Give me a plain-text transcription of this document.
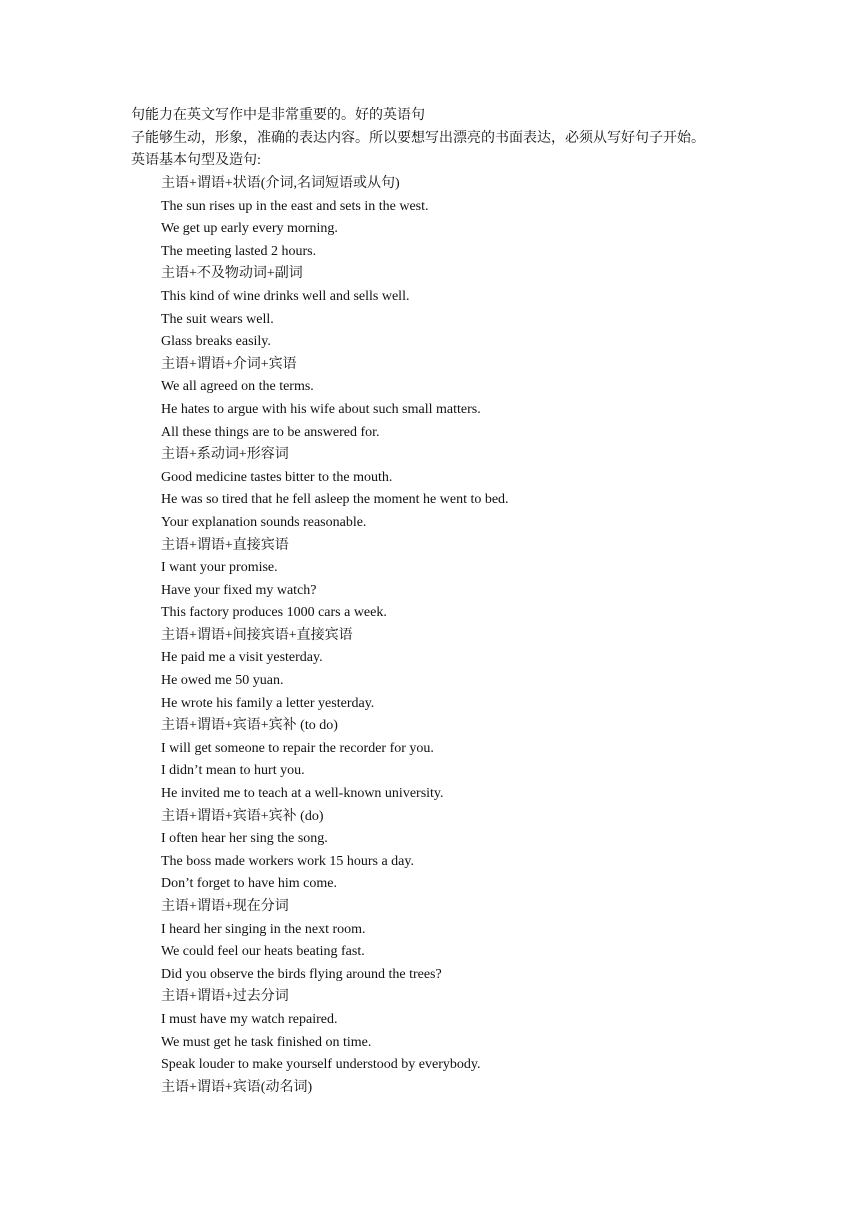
句能力在英文写作中是非常重要的。好的英语句
子能够生动，形象，准确的表达内容。所以要想写出漂亮的书面表达，必须从写好句子开始。
英语基本句型及造句:
主语+谓语+状语(介词,名词短语或从句)
The sun rises up in the east and sets in the west.
We get up early every morning.
The meeting lasted 2 hours.
主语+不及物动词+副词
This kind of wine drinks well and sells well.
The suit wears well.
Glass breaks easily.
主语+谓语+介词+宾语
We all agreed on the terms.
He hates to argue with his wife about such small matters.
All these things are to be answered for.
主语+系动词+形容词
Good medicine tastes bitter to the mouth.
He was so tired that he fell asleep the moment he went to bed.
Your explanation sounds reasonable.
主语+谓语+直接宾语
I want your promise.
Have your fixed my watch?
This factory produces 1000 cars a week.
主语+谓语+间接宾语+直接宾语
He paid me a visit yesterday.
He owed me 50 yuan.
He wrote his family a letter yesterday.
主语+谓语+宾语+宾补 (to do)
I will get someone to repair the recorder for you.
I didn’t mean to hurt you.
He invited me to teach at a well-known university.
主语+谓语+宾语+宾补 (do)
I often hear her sing the song.
The boss made workers work 15 hours a day.
Don’t forget to have him come.
主语+谓语+现在分词
I heard her singing in the next room.
We could feel our heats beating fast.
Did you observe the birds flying around the trees?
主语+谓语+过去分词
I must have my watch repaired.
We must get he task finished on time.
Speak louder to make yourself understood by everybody.
主语+谓语+宾语(动名词)
